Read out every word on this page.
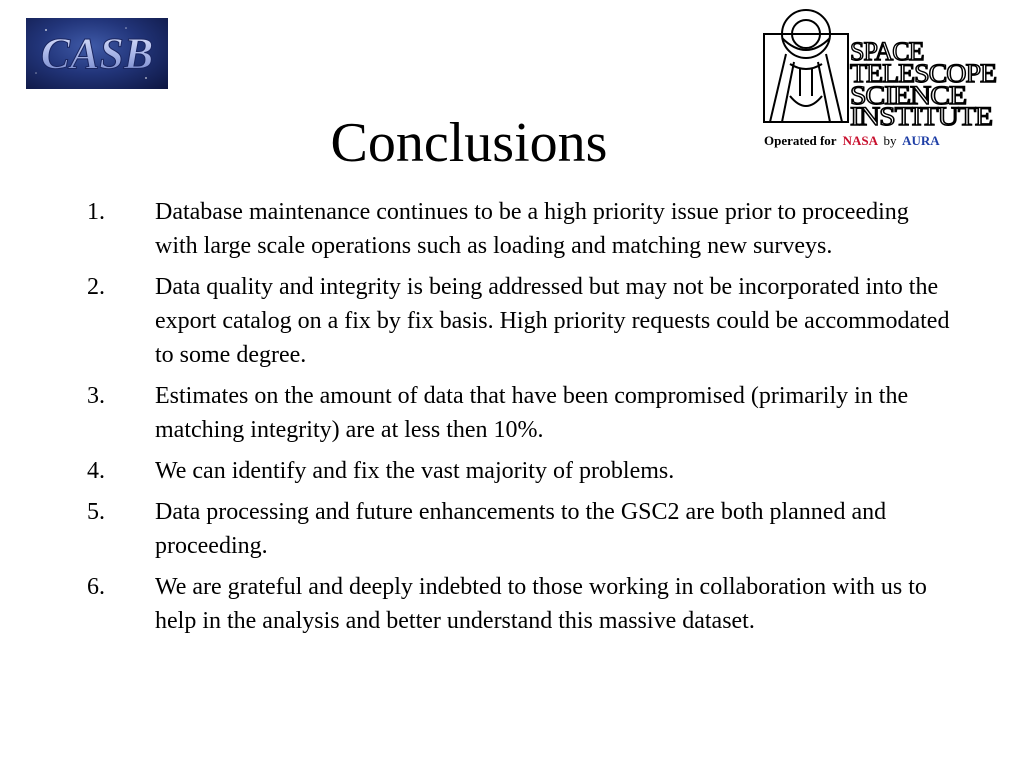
CASB	SPACE
TELESCOPE
SCIENCE
INSTITUTE
Operated for NASA by AURA
Conclusions
1.	Database maintenance continues to be a high priority issue prior to proceeding with large scale operations such as loading and matching new surveys.
2.	Data quality and integrity is being addressed but may not be incorporated into the export catalog on a fix by fix basis. High priority requests could be accommodated to some degree.
3.	Estimates on the amount of data that have been compromised (primarily in the matching integrity) are at less then 10%.
4.	We can identify and fix the vast majority of problems.
5.	Data processing and future enhancements to the GSC2 are both planned and proceeding.
6.	We are grateful and deeply indebted to those working in collaboration with us to help in the analysis and better understand this massive dataset.
